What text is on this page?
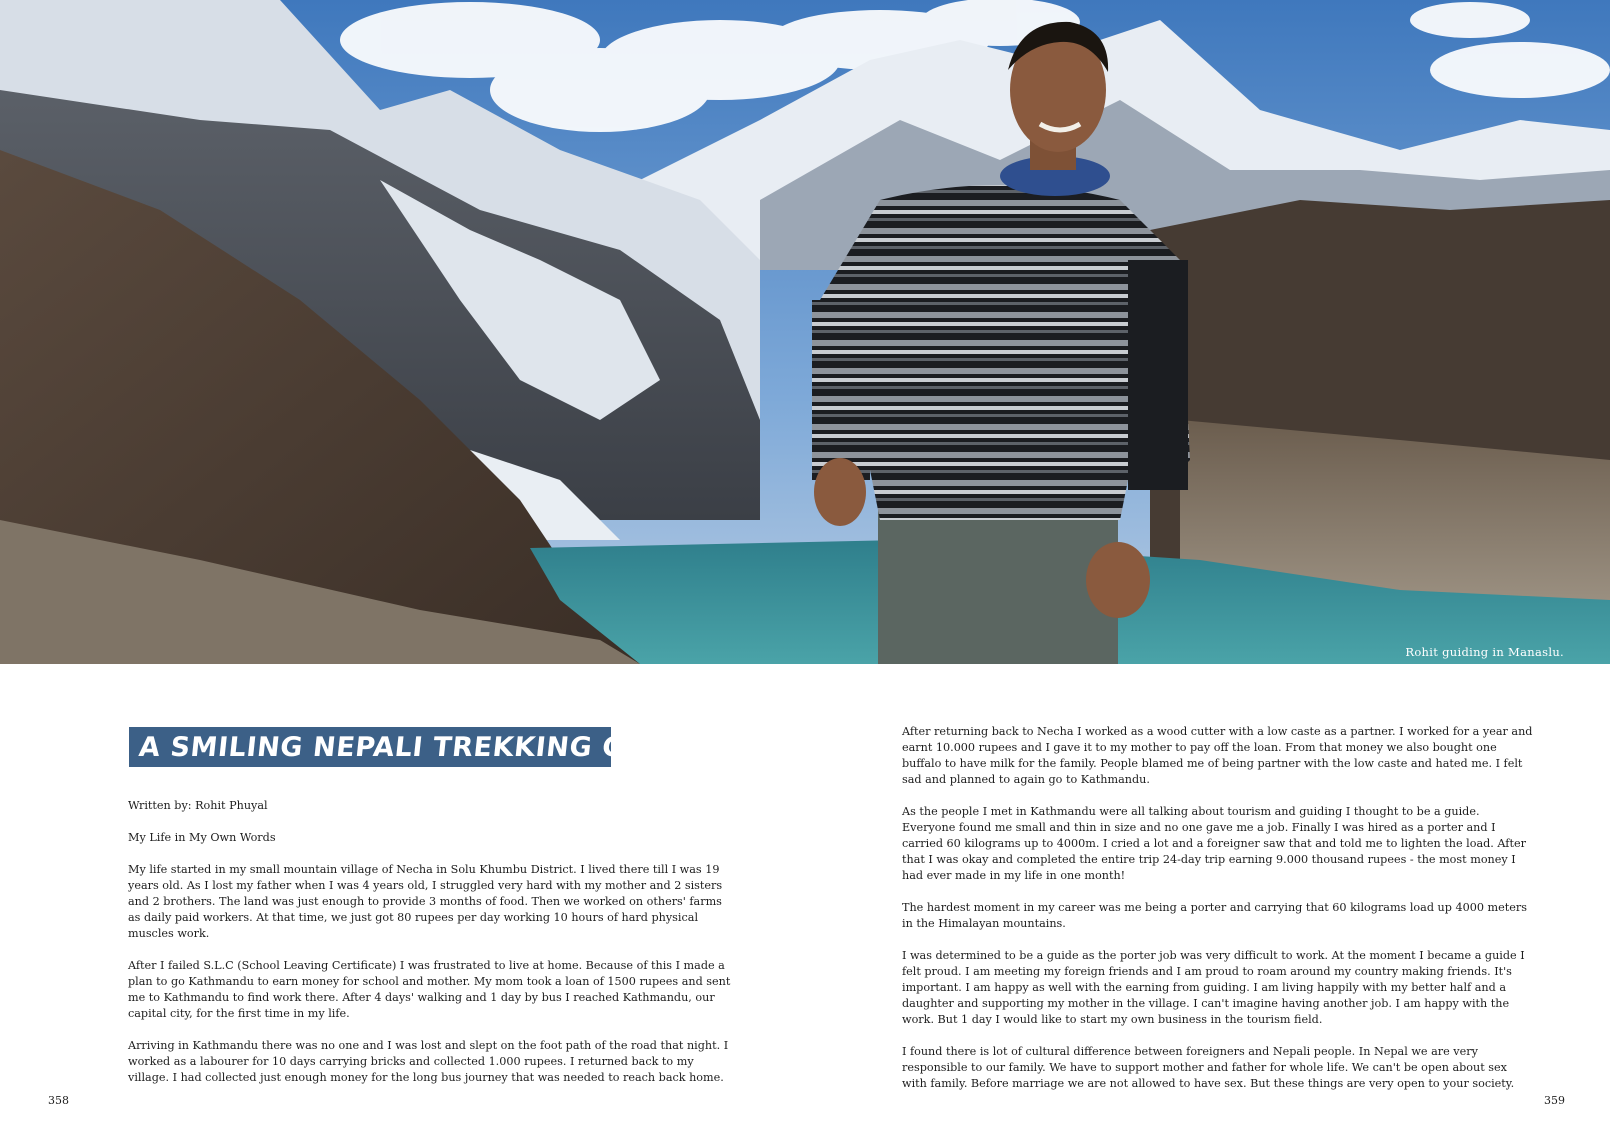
Rohit guiding in Manaslu.
A SMILING NEPALI TREKKING GUIDE

Written by: Rohit Phuyal

My Life in My Own Words

My life started in my small mountain village of Necha in Solu Khumbu District. I lived there till I was 19 years old. As I lost my father when I was 4 years old, I struggled very hard with my mother and 2 sisters and 2 brothers. The land was just enough to provide 3 months of food. Then we worked on others' farms as daily paid workers. At that time, we just got 80 rupees per day working 10 hours of hard physical muscles work.

After I failed S.L.C (School Leaving Certificate) I was frustrated to live at home. Because of this I made a plan to go Kathmandu to earn money for school and mother. My mom took a loan of 1500 rupees and sent me to Kathmandu to find work there. After 4 days' walking and 1 day by bus I reached Kathmandu, our capital city, for the first time in my life.

Arriving in Kathmandu there was no one and I was lost and slept on the foot path of the road that night. I worked as a labourer for 10 days carrying bricks and collected 1.000 rupees. I returned back to my village. I had collected just enough money for the long bus journey that was needed to reach back home.

After returning back to Necha I worked as a wood cutter with a low caste as a partner. I worked for a year and earnt 10.000 rupees and I gave it to my mother to pay off the loan. From that money we also bought one buffalo to have milk for the family. People blamed me of being partner with the low caste and hated me. I felt sad and planned to again go to Kathmandu.

As the people I met in Kathmandu were all talking about tourism and guiding I thought to be a guide. Everyone found me small and thin in size and no one gave me a job. Finally I was hired as a porter and I carried 60 kilograms up to 4000m. I cried a lot and a foreigner saw that and told me to lighten the load. After that I was okay and completed the entire trip 24-day trip earning 9.000 thousand rupees - the most money I had ever made in my life in one month!

The hardest moment in my career was me being a porter and carrying that 60 kilograms load up 4000 meters in the Himalayan mountains.

I was determined to be a guide as the porter job was very difficult to work. At the moment I became a guide I felt proud. I am meeting my foreign friends and I am proud to roam around my country making friends. It's important. I am happy as well with the earning from guiding. I am living happily with my better half and a daughter and supporting my mother in the village. I can't imagine having another job. I am happy with the work. But 1 day I would like to start my own business in the tourism field.

I found there is lot of cultural difference between foreigners and Nepali people. In Nepal we are very responsible to our family. We have to support mother and father for whole life. We can't be open about sex with family. Before marriage we are not allowed to have sex. But these things are very open to your society.

358	359
